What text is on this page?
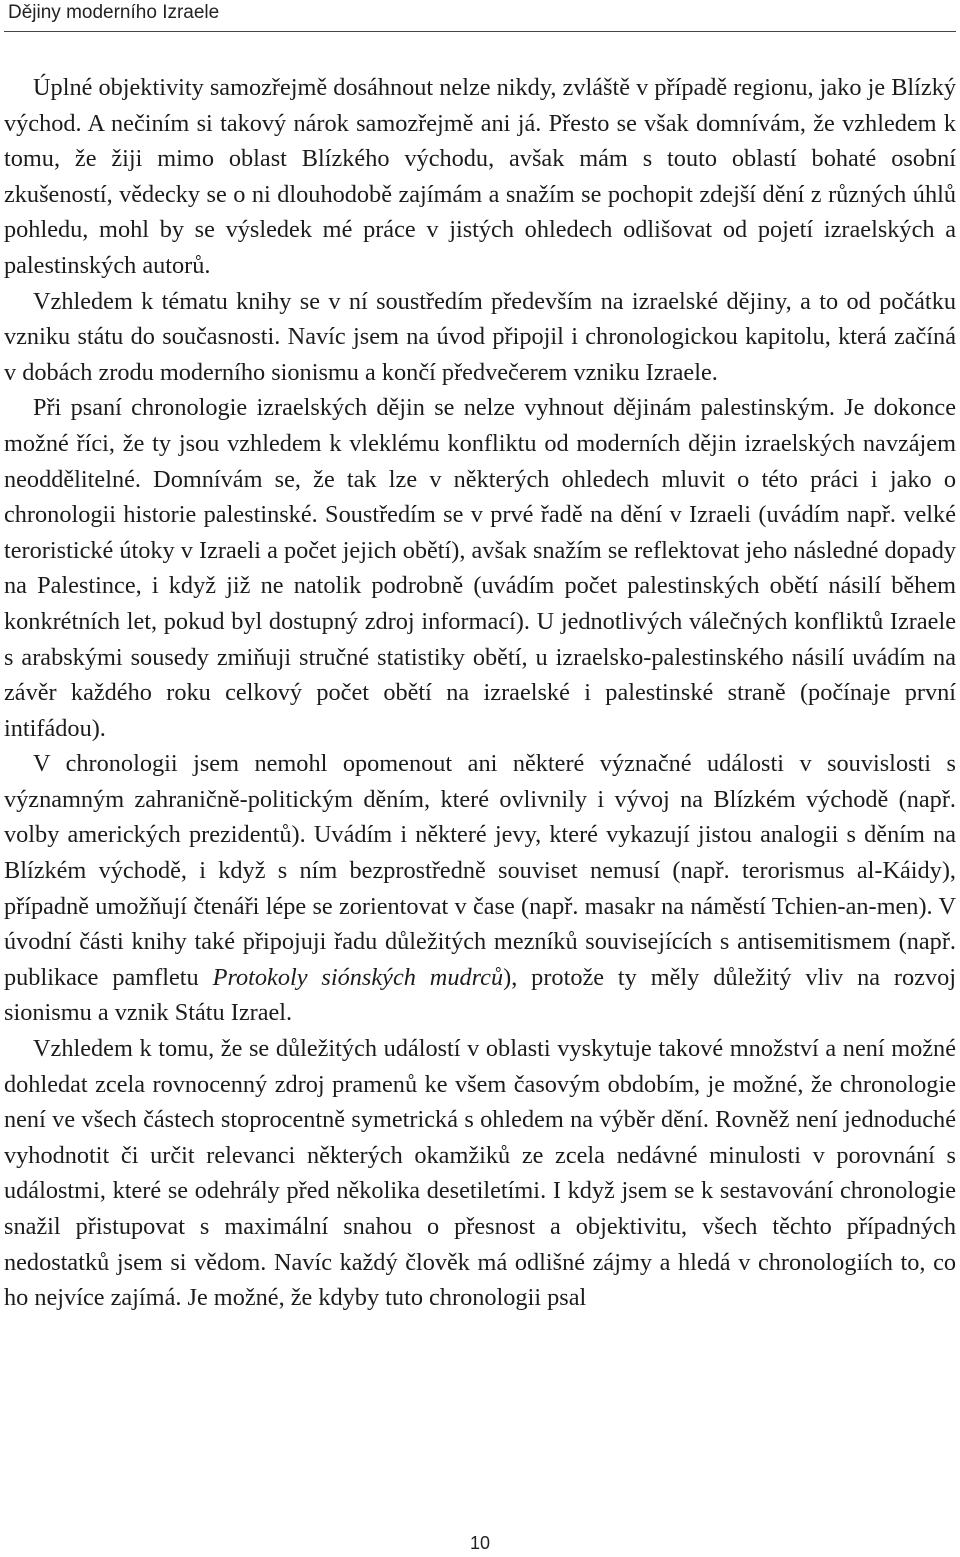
Dějiny moderního Izraele

Úplné objektivity samozřejmě dosáhnout nelze nikdy, zvláště v případě regionu, jako je Blízký východ. A nečiním si takový nárok samozřejmě ani já. Přesto se však domnívám, že vzhledem k tomu, že žiji mimo oblast Blízkého východu, avšak mám s touto oblastí bohaté osobní zkušeností, vědecky se o ni dlouhodobě zajímám a snažím se pochopit zdejší dění z různých úhlů pohledu, mohl by se výsledek mé práce v jistých ohledech odlišovat od pojetí izraelských a palestinských autorů.

Vzhledem k tématu knihy se v ní soustředím především na izraelské dějiny, a to od počátku vzniku státu do současnosti. Navíc jsem na úvod připojil i chronologickou kapitolu, která začíná v dobách zrodu moderního sionismu a končí předvečerem vzniku Izraele.

Při psaní chronologie izraelských dějin se nelze vyhnout dějinám palestinským. Je dokonce možné říci, že ty jsou vzhledem k vleklému konfliktu od moderních dějin izraelských navzájem neoddělitelné. Domnívám se, že tak lze v některých ohledech mluvit o této práci i jako o chronologii historie palestinské. Soustředím se v prvé řadě na dění v Izraeli (uvádím např. velké teroristické útoky v Izraeli a počet jejich obětí), avšak snažím se reflektovat jeho následné dopady na Palestince, i když již ne natolik podrobně (uvádím počet palestinských obětí násilí během konkrétních let, pokud byl dostupný zdroj informací). U jednotlivých válečných konfliktů Izraele s arabskými sousedy zmiňuji stručné statistiky obětí, u izraelsko-palestinského násilí uvádím na závěr každého roku celkový počet obětí na izraelské i palestinské straně (počínaje první intifádou).

V chronologii jsem nemohl opomenout ani některé význačné události v souvislosti s významným zahraničně-politickým děním, které ovlivnily i vývoj na Blízkém východě (např. volby amerických prezidentů). Uvádím i některé jevy, které vykazují jistou analogii s děním na Blízkém východě, i když s ním bezprostředně souviset nemusí (např. terorismus al-Káidy), případně umožňují čtenáři lépe se zorientovat v čase (např. masakr na náměstí Tchien-an-men). V úvodní části knihy také připojuji řadu důležitých mezníků souvisejících s antisemitismem (např. publikace pamfletu Protokoly siónských mudrců), protože ty měly důležitý vliv na rozvoj sionismu a vznik Státu Izrael.

Vzhledem k tomu, že se důležitých událostí v oblasti vyskytuje takové množství a není možné dohledat zcela rovnocenný zdroj pramenů ke všem časovým obdobím, je možné, že chronologie není ve všech částech stoprocentně symetrická s ohledem na výběr dění. Rovněž není jednoduché vyhodnotit či určit relevanci některých okamžiků ze zcela nedávné minulosti v porovnání s událostmi, které se odehrály před několika desetiletími. I když jsem se k sestavování chronologie snažil přistupovat s maximální snahou o přesnost a objektivitu, všech těchto případných nedostatků jsem si vědom. Navíc každý člověk má odlišné zájmy a hledá v chronologiích to, co ho nejvíce zajímá. Je možné, že kdyby tuto chronologii psal

10
